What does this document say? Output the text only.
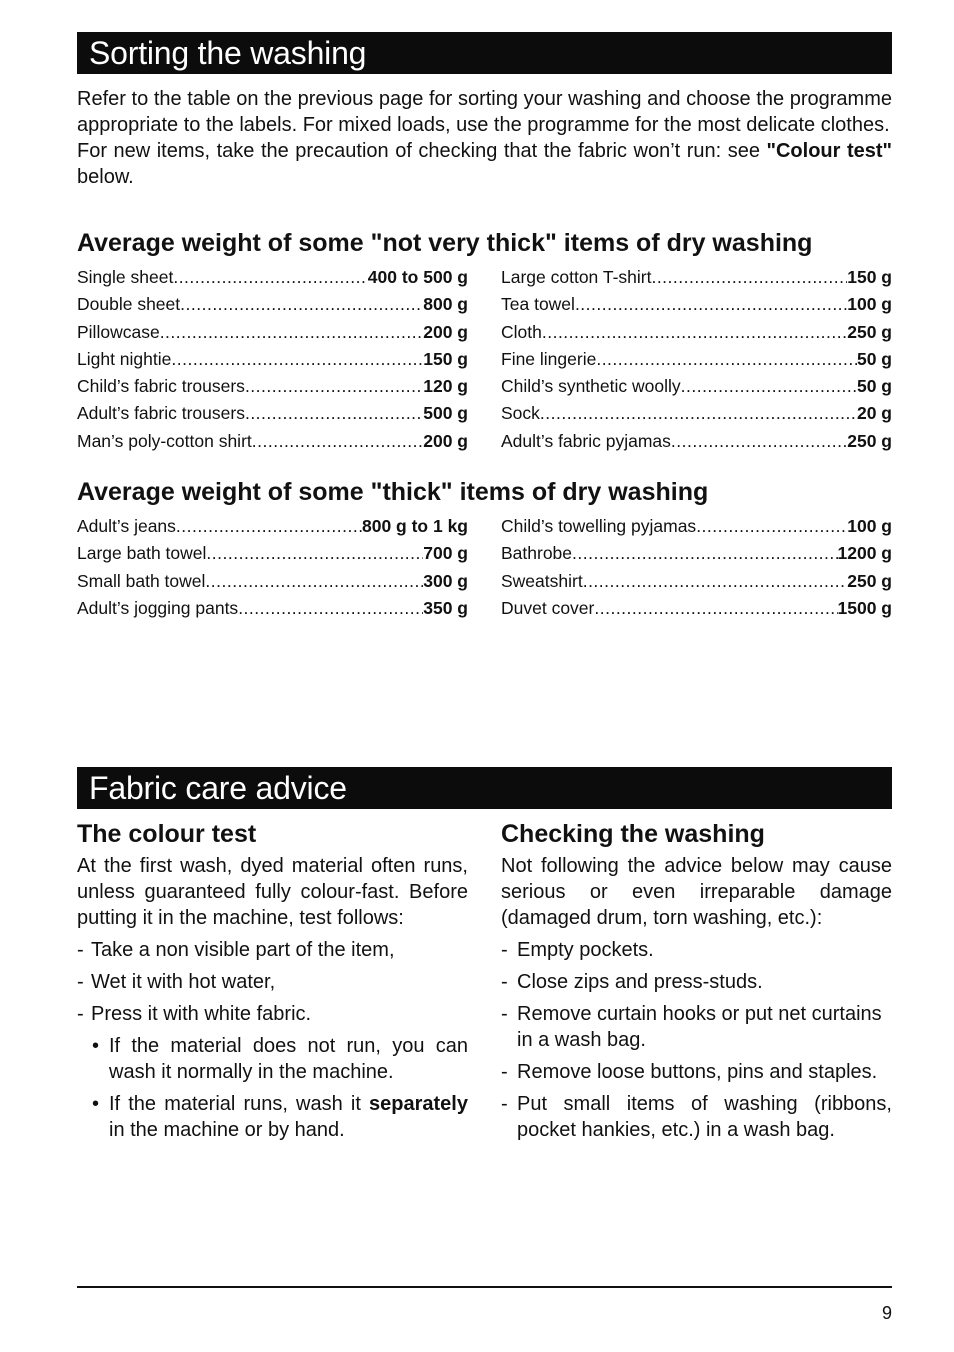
Sorting the washing

Refer to the table on the previous page for sorting your washing and choose the programme appropriate to the labels. For mixed loads, use the programme for the most delicate clothes.

For new items, take the precaution of checking that the fabric won’t run: see "Colour test" below.

Average weight of some "not very thick" items of dry washing
Single sheet .....	400 to 500 g
Double sheet .....	800 g
Pillowcase .....	200 g
Light nightie .....	150 g
Child’s fabric trousers .....	120 g
Adult’s fabric trousers .....	500 g
Man’s poly-cotton shirt .....	200 g
Large cotton T-shirt .....	150 g
Tea towel .....	100 g
Cloth .....	250 g
Fine lingerie .....	50 g
Child’s synthetic woolly .....	50 g
Sock .....	20 g
Adult’s fabric pyjamas .....	250 g
Average weight of some "thick" items of dry washing
Adult’s jeans .....	800 g to 1 kg
Large bath towel .....	700 g
Small bath towel .....	300 g
Adult’s jogging pants .....	350 g
Child’s towelling pyjamas .....	100 g
Bathrobe .....	1200 g
Sweatshirt .....	250 g
Duvet cover .....	1500 g
Fabric care advice
The colour test

At the first wash, dyed material often runs, unless guaranteed fully colour-fast. Before putting it in the machine, test follows:

- Take a non visible part of the item,
- Wet it with hot water,
- Press it with white fabric.
• If the material does not run, you can wash it normally in the machine.
• If the material runs, wash it separately in the machine or by hand.
Checking the washing

Not following the advice below may cause serious or even irreparable damage (damaged drum, torn washing, etc.):

- Empty pockets.
- Close zips and press-studs.
- Remove curtain hooks or put net curtains in a wash bag.
- Remove loose buttons, pins and staples.
- Put small items of washing (ribbons, pocket hankies, etc.) in a wash bag.
9
